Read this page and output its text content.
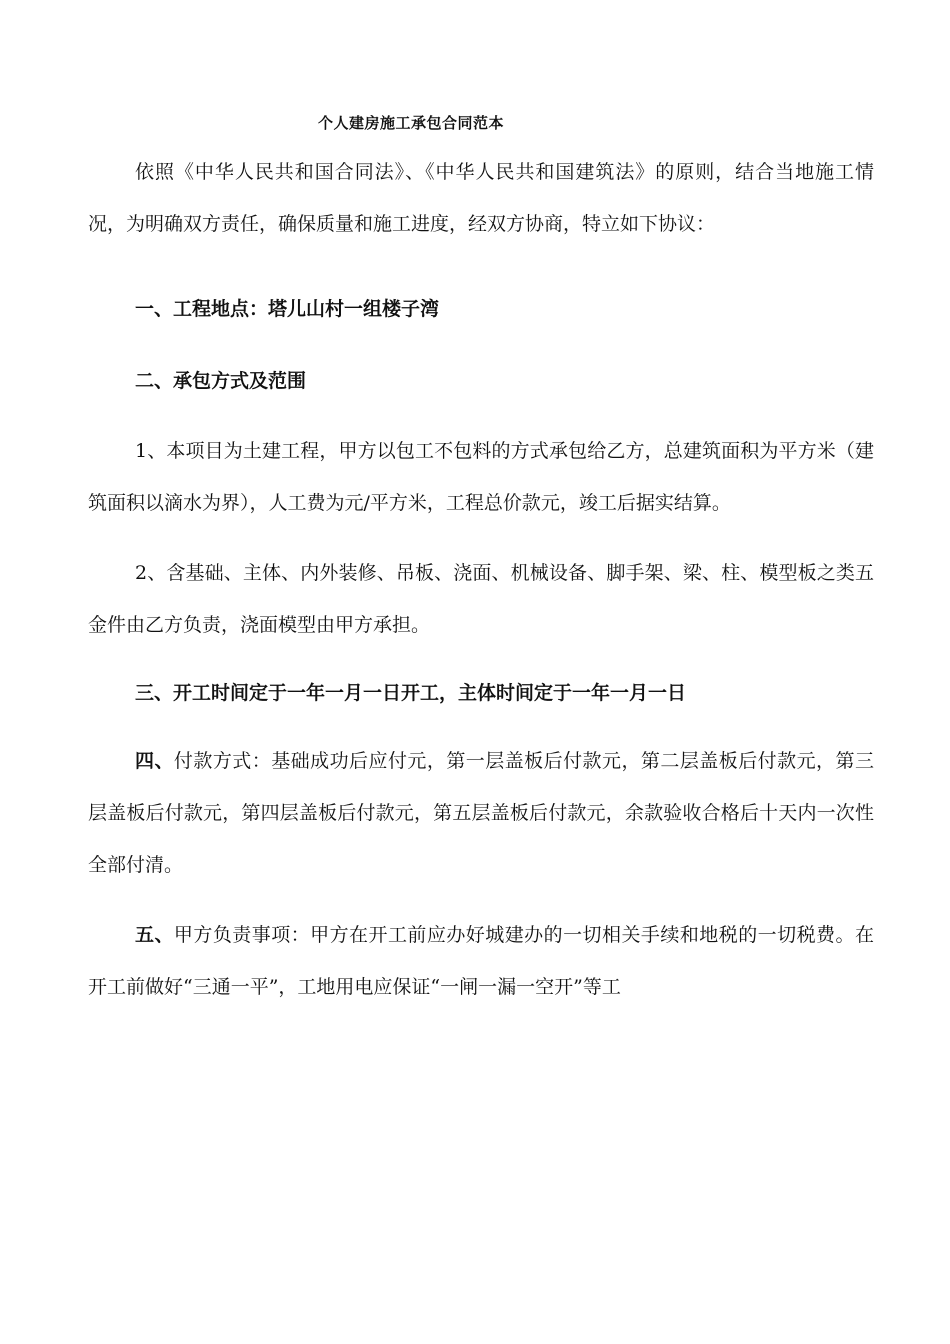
个人建房施工承包合同范本

依照《中华人民共和国合同法》、《中华人民共和国建筑法》的原则，结合当地施工情况，为明确双方责任，确保质量和施工进度，经双方协商，特立如下协议：

一、工程地点：塔儿山村一组楼子湾
二、承包方式及范围

1、本项目为土建工程，甲方以包工不包料的方式承包给乙方，总建筑面积为平方米（建筑面积以滴水为界），人工费为元/平方米，工程总价款元，竣工后据实结算。

2、含基础、主体、内外装修、吊板、浇面、机械设备、脚手架、梁、柱、模型板之类五金件由乙方负责，浇面模型由甲方承担。

三、开工时间定于一年一月一日开工，主体时间定于一年一月一日

四、付款方式：基础成功后应付元，第一层盖板后付款元，第二层盖板后付款元，第三层盖板后付款元，第四层盖板后付款元，第五层盖板后付款元，余款验收合格后十天内一次性全部付清。

五、甲方负责事项：甲方在开工前应办好城建办的一切相关手续和地税的一切税费。在开工前做好“三通一平”，工地用电应保证“一闸一漏一空开”等工
